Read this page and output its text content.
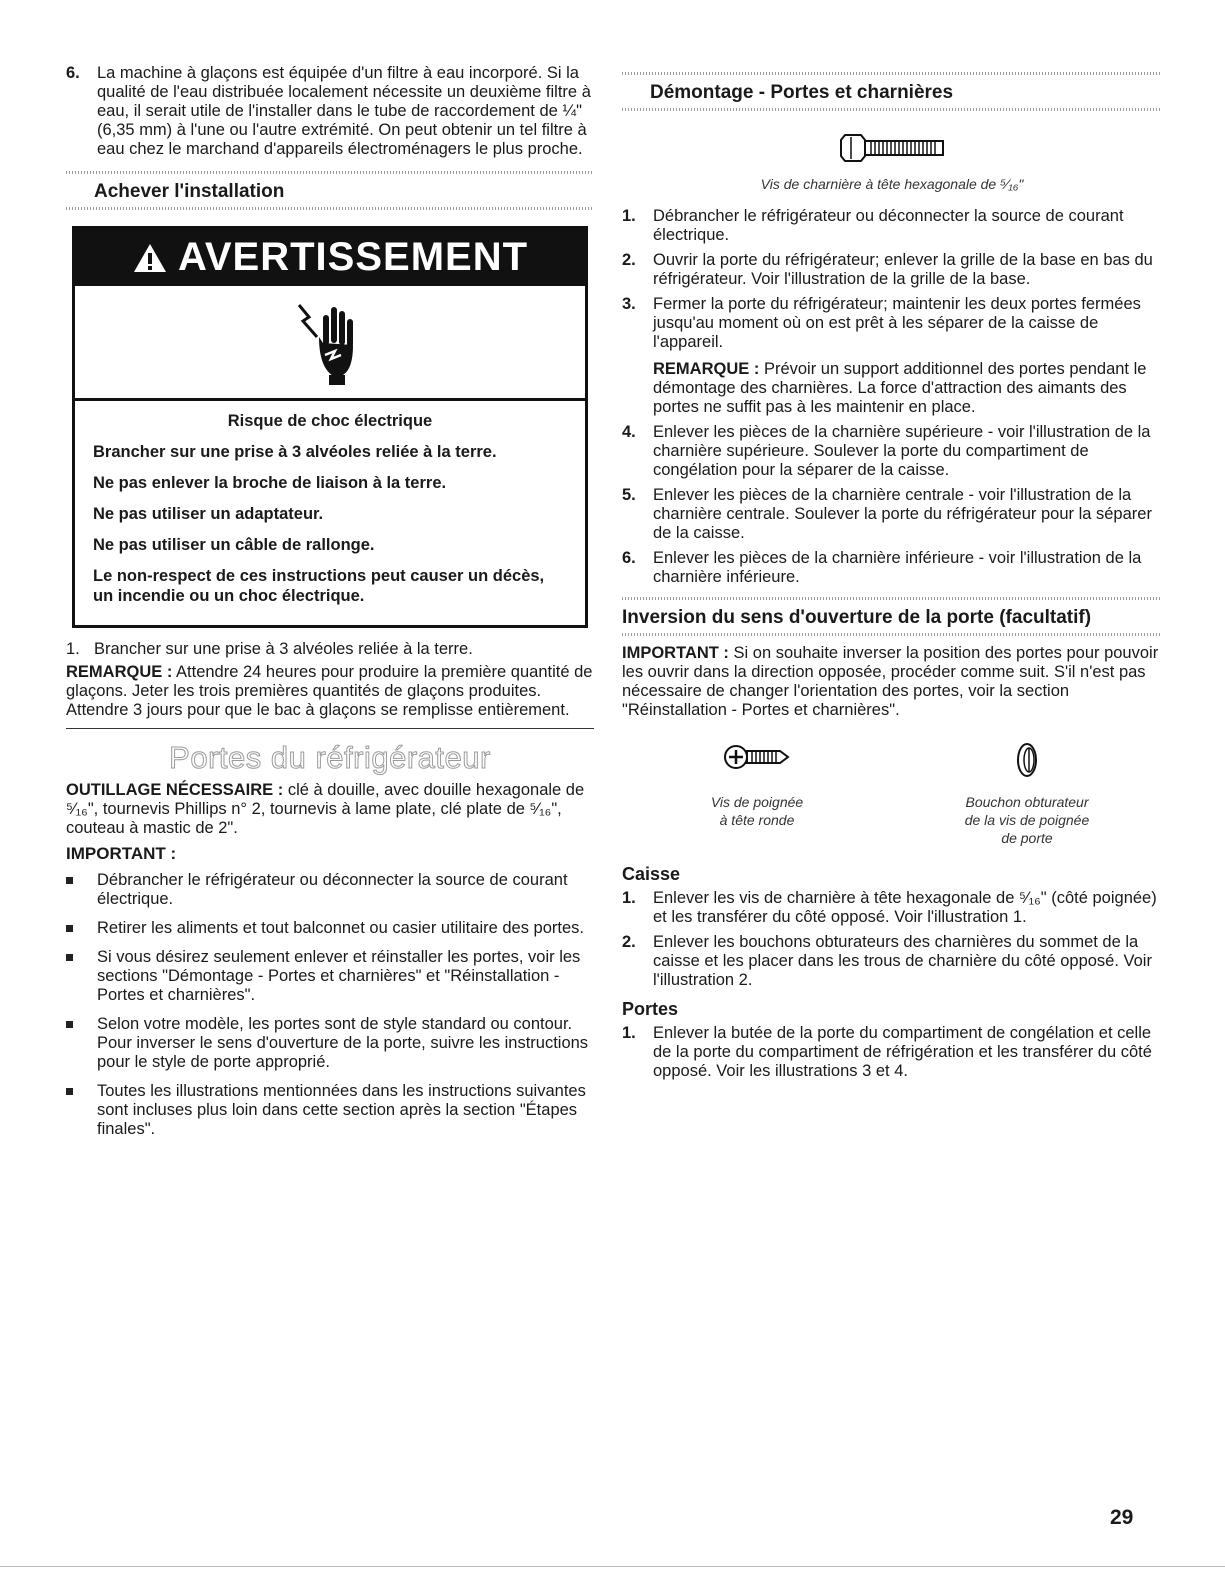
6. La machine à glaçons est équipée d'un filtre à eau incorporé. Si la qualité de l'eau distribuée localement nécessite un deuxième filtre à eau, il serait utile de l'installer dans le tube de raccordement de ¼" (6,35 mm) à l'une ou l'autre extrémité. On peut obtenir un tel filtre à eau chez le marchand d'appareils électroménagers le plus proche.
Achever l'installation
AVERTISSEMENT

Risque de choc électrique

Brancher sur une prise à 3 alvéoles reliée à la terre.

Ne pas enlever la broche de liaison à la terre.

Ne pas utiliser un adaptateur.

Ne pas utiliser un câble de rallonge.

Le non-respect de ces instructions peut causer un décès, un incendie ou un choc électrique.

1. Brancher sur une prise à 3 alvéoles reliée à la terre.
REMARQUE : Attendre 24 heures pour produire la première quantité de glaçons. Jeter les trois premières quantités de glaçons produites. Attendre 3 jours pour que le bac à glaçons se remplisse entièrement.
Portes du réfrigérateur
OUTILLAGE NÉCESSAIRE : clé à douille, avec douille hexagonale de ⁵⁄₁₆", tournevis Phillips n° 2, tournevis à lame plate, clé plate de ⁵⁄₁₆", couteau à mastic de 2".
IMPORTANT :
Débrancher le réfrigérateur ou déconnecter la source de courant électrique.
Retirer les aliments et tout balconnet ou casier utilitaire des portes.
Si vous désirez seulement enlever et réinstaller les portes, voir les sections "Démontage - Portes et charnières" et "Réinstallation - Portes et charnières".
Selon votre modèle, les portes sont de style standard ou contour. Pour inverser le sens d'ouverture de la porte, suivre les instructions pour le style de porte approprié.
Toutes les illustrations mentionnées dans les instructions suivantes sont incluses plus loin dans cette section après la section "Étapes finales".
Démontage - Portes et charnières
Vis de charnière à tête hexagonale de ⁵⁄₁₆"
1. Débrancher le réfrigérateur ou déconnecter la source de courant électrique.
2. Ouvrir la porte du réfrigérateur; enlever la grille de la base en bas du réfrigérateur. Voir l'illustration de la grille de la base.
3. Fermer la porte du réfrigérateur; maintenir les deux portes fermées jusqu'au moment où on est prêt à les séparer de la caisse de l'appareil.
REMARQUE : Prévoir un support additionnel des portes pendant le démontage des charnières. La force d'attraction des aimants des portes ne suffit pas à les maintenir en place.
4. Enlever les pièces de la charnière supérieure - voir l'illustration de la charnière supérieure. Soulever la porte du compartiment de congélation pour la séparer de la caisse.
5. Enlever les pièces de la charnière centrale - voir l'illustration de la charnière centrale. Soulever la porte du réfrigérateur pour la séparer de la caisse.
6. Enlever les pièces de la charnière inférieure - voir l'illustration de la charnière inférieure.
Inversion du sens d'ouverture de la porte (facultatif)
IMPORTANT : Si on souhaite inverser la position des portes pour pouvoir les ouvrir dans la direction opposée, procéder comme suit. S'il n'est pas nécessaire de changer l'orientation des portes, voir la section "Réinstallation - Portes et charnières".
Vis de poignée
à tête ronde
Bouchon obturateur
de la vis de poignée
de porte
Caisse
1. Enlever les vis de charnière à tête hexagonale de ⁵⁄₁₆" (côté poignée) et les transférer du côté opposé. Voir l'illustration 1.
2. Enlever les bouchons obturateurs des charnières du sommet de la caisse et les placer dans les trous de charnière du côté opposé. Voir l'illustration 2.
Portes
1. Enlever la butée de la porte du compartiment de congélation et celle de la porte du compartiment de réfrigération et les transférer du côté opposé. Voir les illustrations 3 et 4.
29
